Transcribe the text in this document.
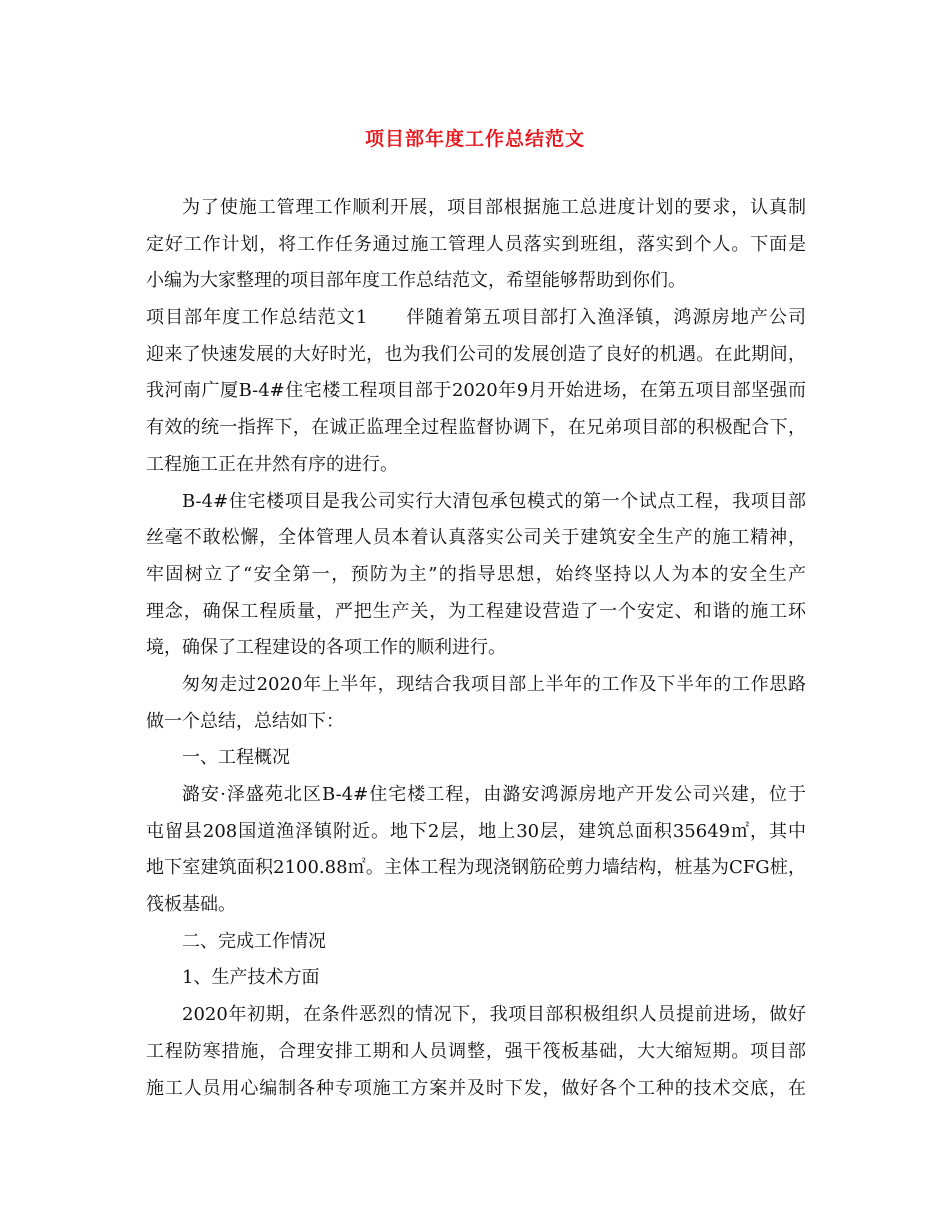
项目部年度工作总结范文
为了使施工管理工作顺利开展，项目部根据施工总进度计划的要求，认真制
定好工作计划，将工作任务通过施工管理人员落实到班组，落实到个人。下面是
小编为大家整理的项目部年度工作总结范文，希望能够帮助到你们。
项目部年度工作总结范文1　　伴随着第五项目部打入渔泽镇，鸿源房地产公司
迎来了快速发展的大好时光，也为我们公司的发展创造了良好的机遇。在此期间，
我河南广厦B-4#住宅楼工程项目部于2020年9月开始进场，在第五项目部坚强而
有效的统一指挥下，在诚正监理全过程监督协调下，在兄弟项目部的积极配合下，
工程施工正在井然有序的进行。
B-4#住宅楼项目是我公司实行大清包承包模式的第一个试点工程，我项目部
丝毫不敢松懈，全体管理人员本着认真落实公司关于建筑安全生产的施工精神，
牢固树立了“安全第一，预防为主”的指导思想，始终坚持以人为本的安全生产
理念，确保工程质量，严把生产关，为工程建设营造了一个安定、和谐的施工环
境，确保了工程建设的各项工作的顺利进行。
匆匆走过2020年上半年，现结合我项目部上半年的工作及下半年的工作思路
做一个总结，总结如下：
一、工程概况
潞安·泽盛苑北区B-4#住宅楼工程，由潞安鸿源房地产开发公司兴建，位于
屯留县208国道渔泽镇附近。地下2层，地上30层，建筑总面积35649㎡，其中
地下室建筑面积2100.88㎡。主体工程为现浇钢筋砼剪力墙结构，桩基为CFG桩，
筏板基础。
二、完成工作情况
1、生产技术方面
2020年初期，在条件恶烈的情况下，我项目部积极组织人员提前进场，做好
工程防寒措施，合理安排工期和人员调整，强干筏板基础，大大缩短期。项目部
施工人员用心编制各种专项施工方案并及时下发，做好各个工种的技术交底，在
